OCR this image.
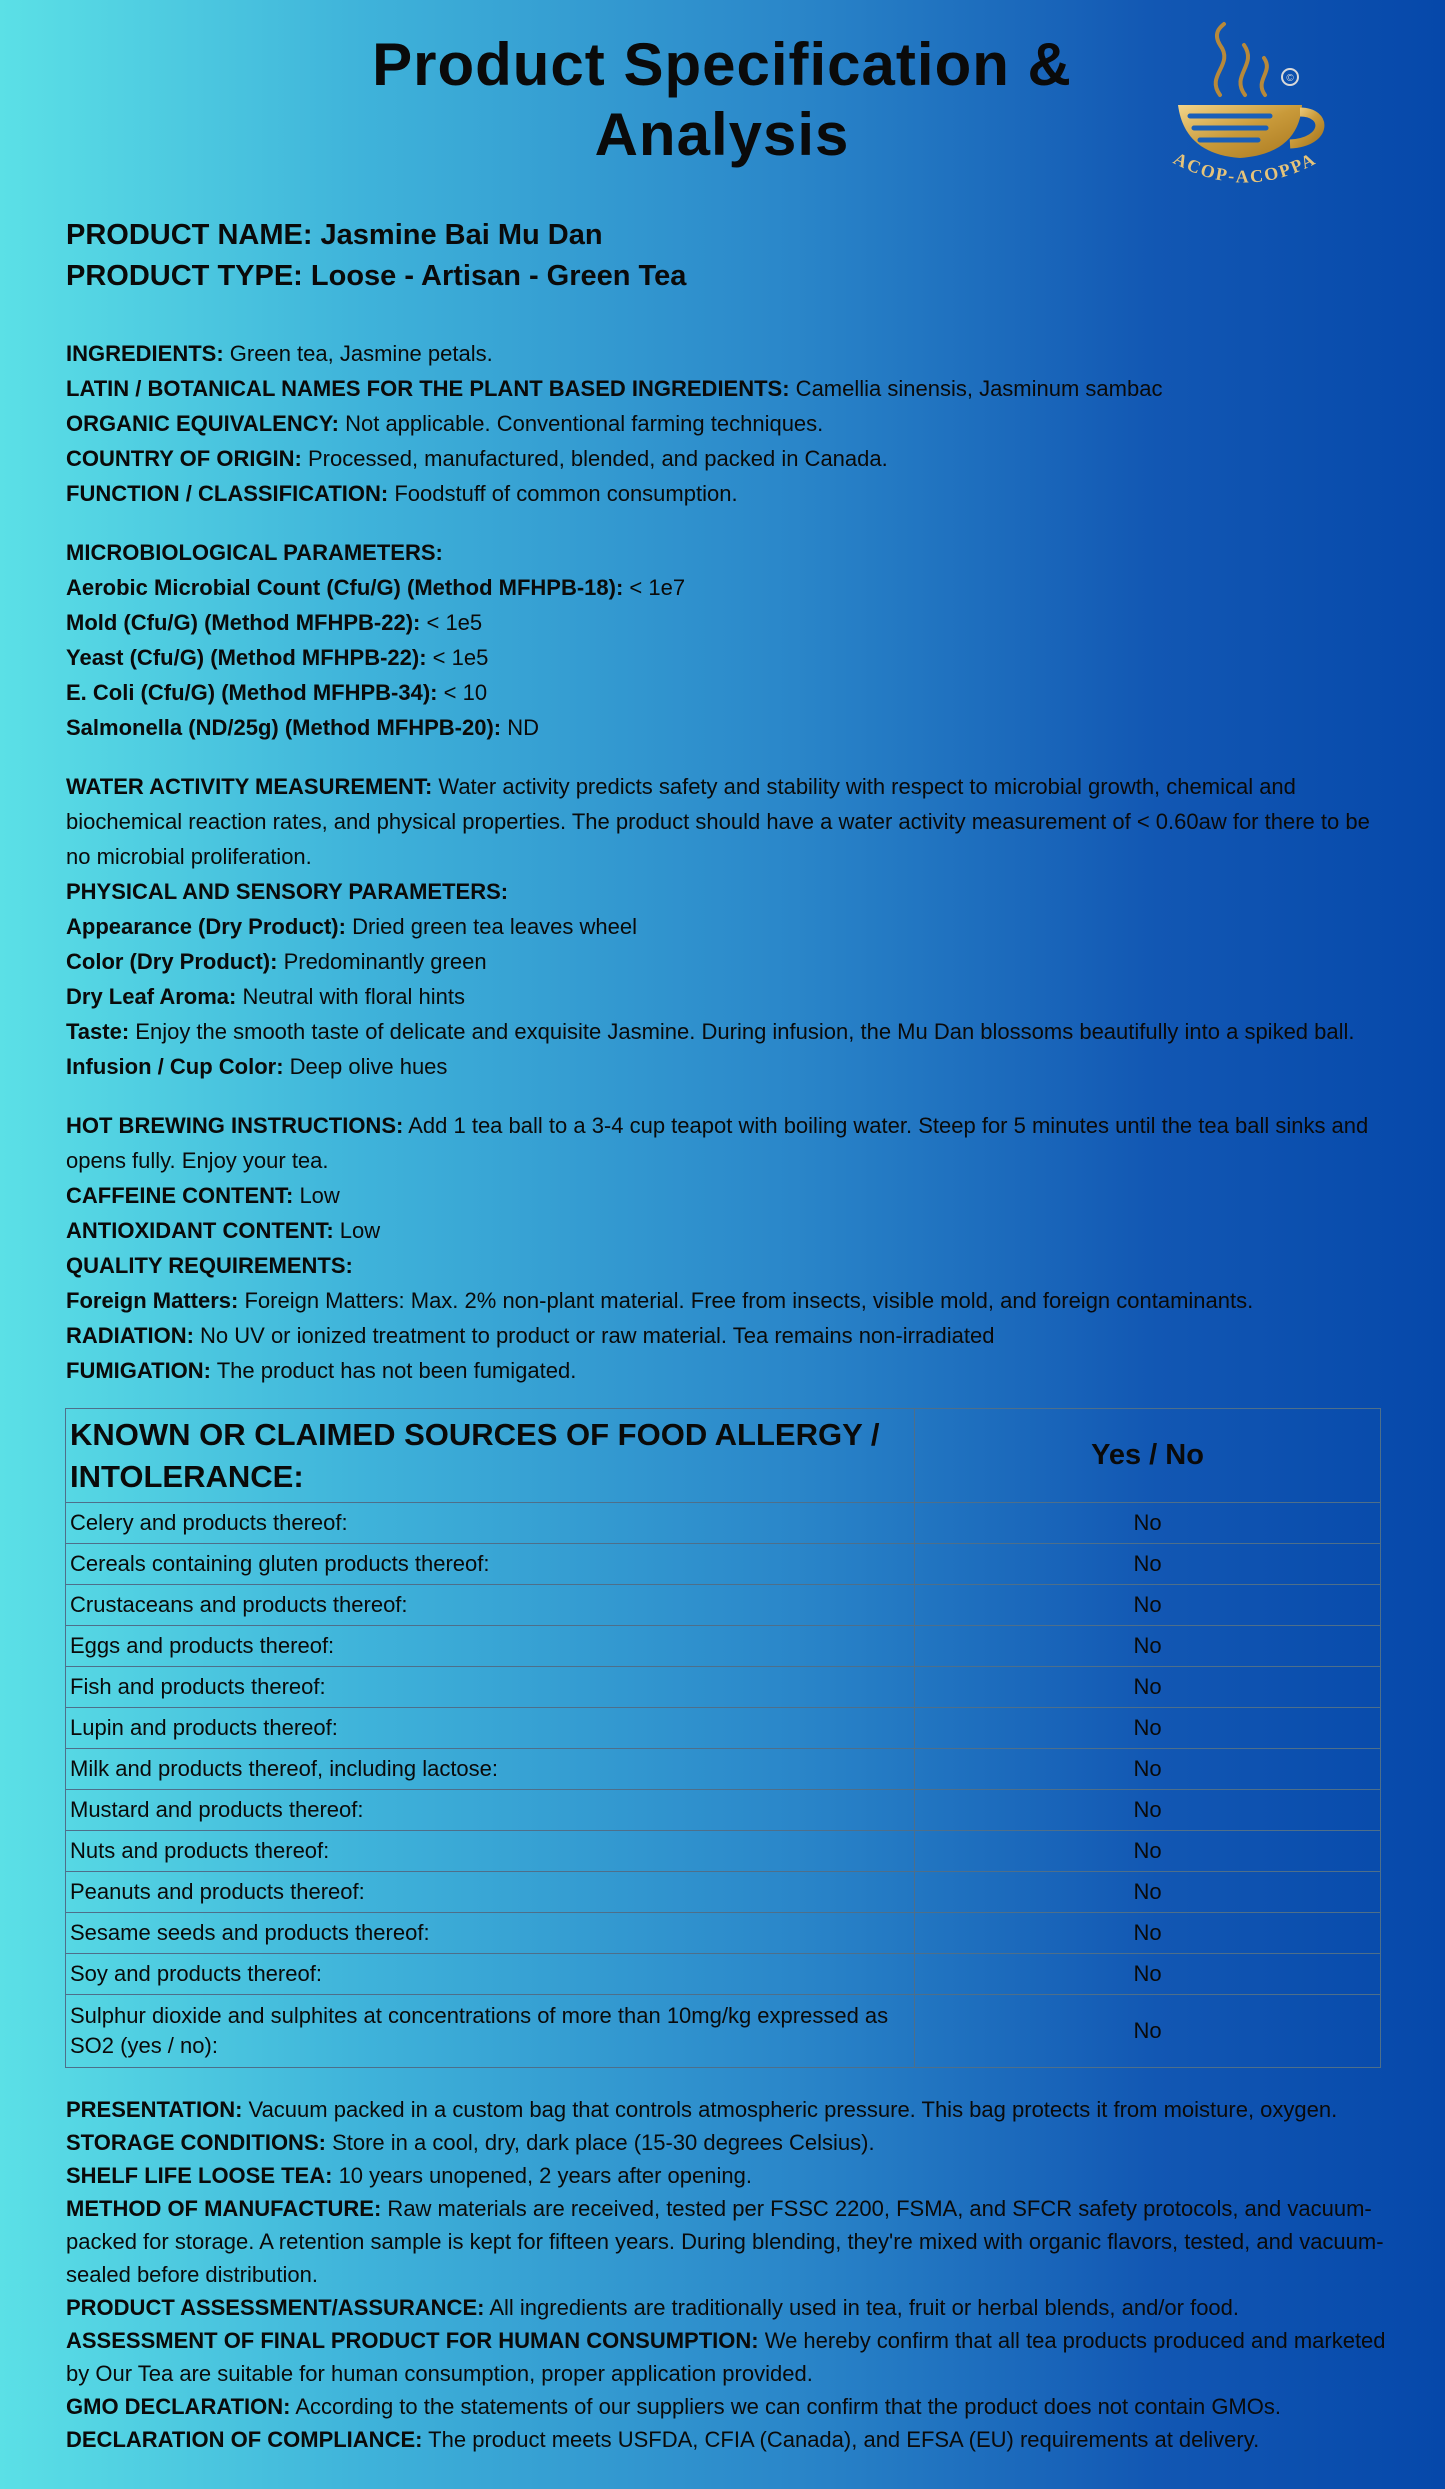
Product Specification & Analysis
©
ACOP-ACOPPA
PRODUCT NAME: Jasmine Bai Mu Dan
PRODUCT TYPE: Loose - Artisan - Green Tea

INGREDIENTS: Green tea, Jasmine petals.

LATIN / BOTANICAL NAMES FOR THE PLANT BASED INGREDIENTS: Camellia sinensis, Jasminum sambac

ORGANIC EQUIVALENCY: Not applicable. Conventional farming techniques.

COUNTRY OF ORIGIN: Processed, manufactured, blended, and packed in Canada.

FUNCTION / CLASSIFICATION: Foodstuff of common consumption.

MICROBIOLOGICAL PARAMETERS:

Aerobic Microbial Count (Cfu/G) (Method MFHPB-18): < 1e7

Mold (Cfu/G) (Method MFHPB-22): < 1e5

Yeast (Cfu/G) (Method MFHPB-22): < 1e5

E. Coli (Cfu/G) (Method MFHPB-34): < 10

Salmonella (ND/25g) (Method MFHPB-20): ND

WATER ACTIVITY MEASUREMENT: Water activity predicts safety and stability with respect to microbial growth, chemical and biochemical reaction rates, and physical properties. The product should have a water activity measurement of < 0.60aw for there to be no microbial proliferation.

PHYSICAL AND SENSORY PARAMETERS:

Appearance (Dry Product): Dried green tea leaves wheel

Color (Dry Product): Predominantly green

Dry Leaf Aroma: Neutral with floral hints

Taste: Enjoy the smooth taste of delicate and exquisite Jasmine. During infusion, the Mu Dan blossoms beautifully into a spiked ball. Infusion / Cup Color: Deep olive hues

HOT BREWING INSTRUCTIONS: Add 1 tea ball to a 3-4 cup teapot with boiling water. Steep for 5 minutes until the tea ball sinks and opens fully. Enjoy your tea.

CAFFEINE CONTENT: Low

ANTIOXIDANT CONTENT: Low

QUALITY REQUIREMENTS:

Foreign Matters: Foreign Matters: Max. 2% non-plant material. Free from insects, visible mold, and foreign contaminants.

RADIATION: No UV or ionized treatment to product or raw material. Tea remains non-irradiated

FUMIGATION: The product has not been fumigated.

KNOWN OR CLAIMED SOURCES OF FOOD ALLERGY / INTOLERANCE:	Yes / No
Celery and products thereof:	No
Cereals containing gluten products thereof:	No
Crustaceans and products thereof:	No
Eggs and products thereof:	No
Fish and products thereof:	No
Lupin and products thereof:	No
Milk and products thereof, including lactose:	No
Mustard and products thereof:	No
Nuts and products thereof:	No
Peanuts and products thereof:	No
Sesame seeds and products thereof:	No
Soy and products thereof:	No
Sulphur dioxide and sulphites at concentrations of more than 10mg/kg expressed as SO2 (yes / no):	No

PRESENTATION: Vacuum packed in a custom bag that controls atmospheric pressure. This bag protects it from moisture, oxygen.

STORAGE CONDITIONS: Store in a cool, dry, dark place (15-30 degrees Celsius).

SHELF LIFE LOOSE TEA: 10 years unopened, 2 years after opening.

METHOD OF MANUFACTURE: Raw materials are received, tested per FSSC 2200, FSMA, and SFCR safety protocols, and vacuum-packed for storage. A retention sample is kept for fifteen years. During blending, they're mixed with organic flavors, tested, and vacuum-sealed before distribution.

PRODUCT ASSESSMENT/ASSURANCE: All ingredients are traditionally used in tea, fruit or herbal blends, and/or food.

ASSESSMENT OF FINAL PRODUCT FOR HUMAN CONSUMPTION: We hereby confirm that all tea products produced and marketed by Our Tea are suitable for human consumption, proper application provided.

GMO DECLARATION: According to the statements of our suppliers we can confirm that the product does not contain GMOs.

DECLARATION OF COMPLIANCE: The product meets USFDA, CFIA (Canada), and EFSA (EU) requirements at delivery.
